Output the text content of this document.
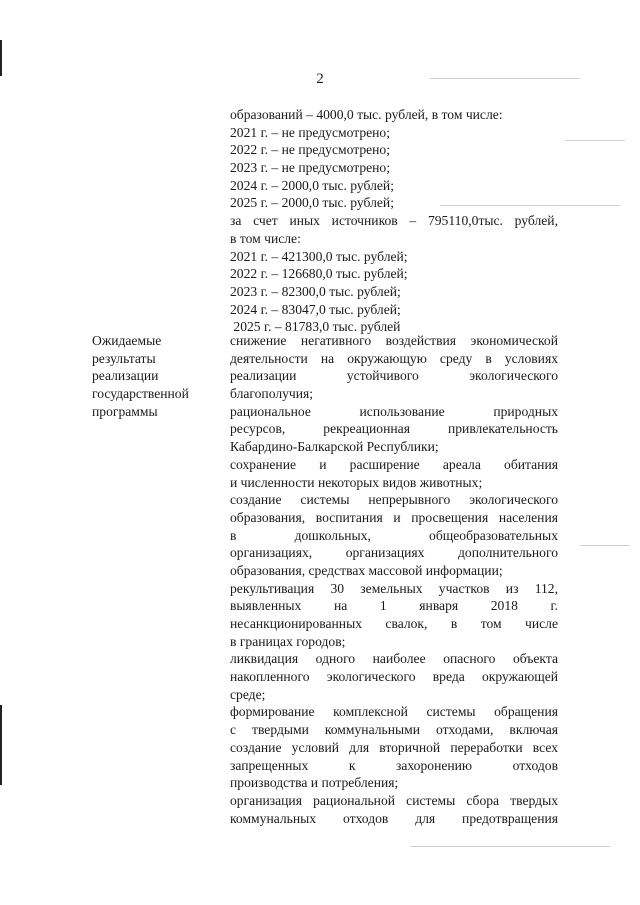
2
образований – 4000,0 тыс. рублей, в том числе:
2021 г. – не предусмотрено;
2022 г. – не предусмотрено;
2023 г. – не предусмотрено;
2024 г. – 2000,0 тыс. рублей;
2025 г. – 2000,0 тыс. рублей;
за счет иных источников – 795110,0тыс. рублей,
в том числе:
2021 г. – 421300,0 тыс. рублей;
2022 г. – 126680,0 тыс. рублей;
2023 г. – 82300,0 тыс. рублей;
2024 г. – 83047,0 тыс. рублей;
2025 г. – 81783,0 тыс. рублей
Ожидаемые
результаты
реализации
государственной
программы
снижение негативного воздействия экономической
деятельности на окружающую среду в условиях
реализации устойчивого экологического
благополучия;
рациональное использование природных
ресурсов, рекреационная привлекательность
Кабардино-Балкарской Республики;
сохранение и расширение ареала обитания
и численности некоторых видов животных;
создание системы непрерывного экологического
образования, воспитания и просвещения населения
в дошкольных, общеобразовательных
организациях, организациях дополнительного
образования, средствах массовой информации;
рекультивация 30 земельных участков из 112,
выявленных на 1 января 2018 г.
несанкционированных свалок, в том числе
в границах городов;
ликвидация одного наиболее опасного объекта
накопленного экологического вреда окружающей
среде;
формирование комплексной системы обращения
с твердыми коммунальными отходами, включая
создание условий для вторичной переработки всех
запрещенных к захоронению отходов
производства и потребления;
организация рациональной системы сбора твердых
коммунальных отходов для предотвращения
